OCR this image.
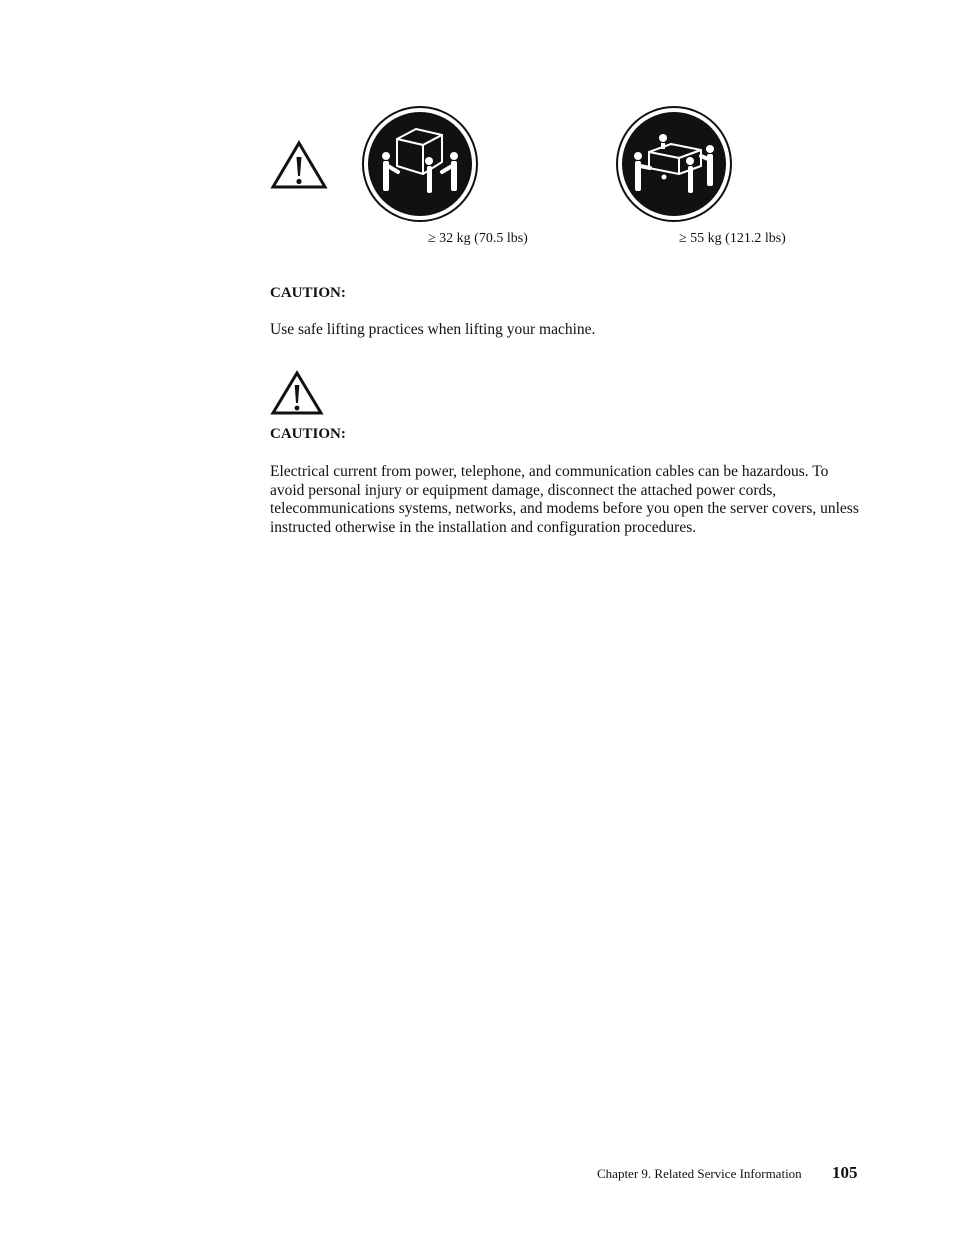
≥ 32 kg (70.5 lbs)	≥ 55 kg (121.2 lbs)
CAUTION:
Use safe lifting practices when lifting your machine.
CAUTION:
Electrical current from power, telephone, and communication cables can be hazardous. To avoid personal injury or equipment damage, disconnect the attached power cords, telecommunications systems, networks, and modems before you open the server covers, unless instructed otherwise in the installation and configuration procedures.
Chapter 9. Related Service Information 105
